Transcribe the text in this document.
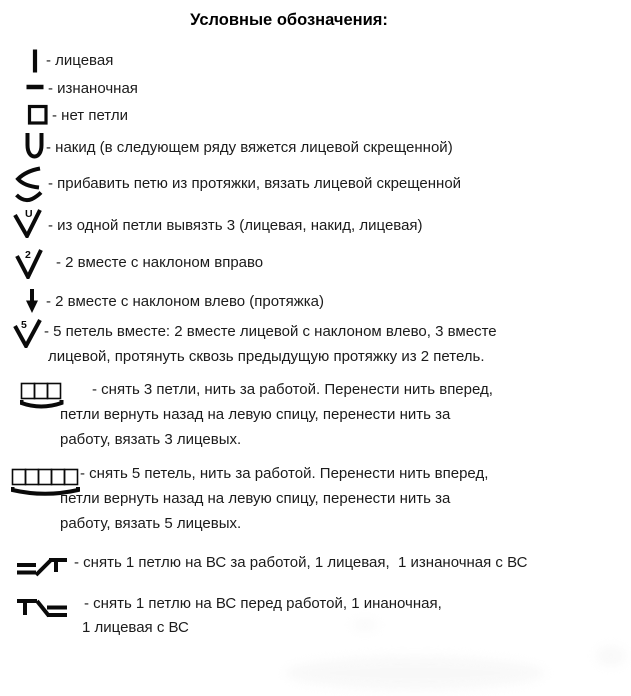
Условные обозначения:
- лицевая
- изнаночная
- нет петли
- накид (в следующем ряду вяжется лицевой скрещенной)
- прибавить петю из протяжки, вязать лицевой скрещенной
U
- из одной петли вывязть 3 (лицевая, накид, лицевая)
2 - 2 вместе с наклоном вправо
- 2 вместе с наклоном влево (протяжка)
5 - 5 петель вместе: 2 вместе лицевой с наклоном влево, 3 вместе
лицевой, протянуть сквозь предыдущую протяжку из 2 петель.
- снять 3 петли, нить за работой. Перенести нить вперед,
петли вернуть назад на левую спицу, перенести нить за
работу, вязать 3 лицевых.
- снять 5 петель, нить за работой. Перенести нить вперед,
петли вернуть назад на левую спицу, перенести нить за
работу, вязать 5 лицевых.
- снять 1 петлю на ВС за работой, 1 лицевая,  1 изнаночная с ВС
- снять 1 петлю на ВС перед работой, 1 инаночная,
1 лицевая с ВС
